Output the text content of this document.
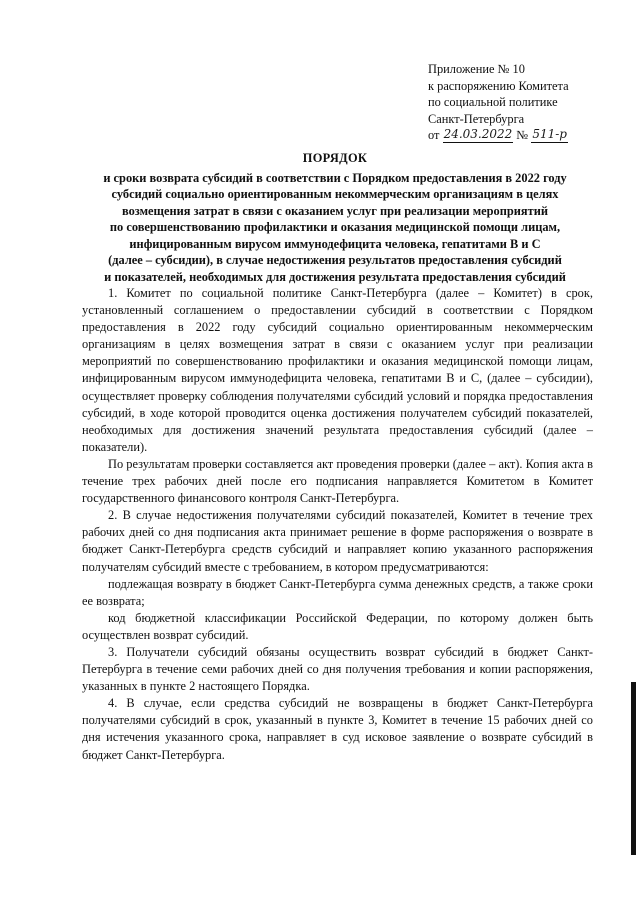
Приложение № 10
к распоряжению Комитета
по социальной политике
Санкт-Петербурга
от 24.03.2022 № 511-р
ПОРЯДОК
и сроки возврата субсидий в соответствии с Порядком предоставления в 2022 году
субсидий социально ориентированным некоммерческим организациям в целях
возмещения затрат в связи с оказанием услуг при реализации мероприятий
по совершенствованию профилактики и оказания медицинской помощи лицам,
инфицированным вирусом иммунодефицита человека, гепатитами В и С
(далее – субсидии), в случае недостижения результатов предоставления субсидий
и показателей, необходимых для достижения результата предоставления субсидий

1. Комитет по социальной политике Санкт-Петербурга (далее – Комитет) в срок, установленный соглашением о предоставлении субсидий в соответствии с Порядком предоставления в 2022 году субсидий социально ориентированным некоммерческим организациям в целях возмещения затрат в связи с оказанием услуг при реализации мероприятий по совершенствованию профилактики и оказания медицинской помощи лицам, инфицированным вирусом иммунодефицита человека, гепатитами В и С, (далее – субсидии), осуществляет проверку соблюдения получателями субсидий условий и порядка предоставления субсидий, в ходе которой проводится оценка достижения получателем субсидий показателей, необходимых для достижения значений результата предоставления субсидий (далее – показатели).

По результатам проверки составляется акт проведения проверки (далее – акт). Копия акта в течение трех рабочих дней после его подписания направляется Комитетом в Комитет государственного финансового контроля Санкт-Петербурга.

2. В случае недостижения получателями субсидий показателей, Комитет в течение трех рабочих дней со дня подписания акта принимает решение в форме распоряжения о возврате в бюджет Санкт-Петербурга средств субсидий и направляет копию указанного распоряжения получателям субсидий вместе с требованием, в котором предусматриваются:

подлежащая возврату в бюджет Санкт-Петербурга сумма денежных средств, а также сроки ее возврата;

код бюджетной классификации Российской Федерации, по которому должен быть осуществлен возврат субсидий.

3. Получатели субсидий обязаны осуществить возврат субсидий в бюджет Санкт-Петербурга в течение семи рабочих дней со дня получения требования и копии распоряжения, указанных в пункте 2 настоящего Порядка.

4. В случае, если средства субсидий не возвращены в бюджет Санкт-Петербурга получателями субсидий в срок, указанный в пункте 3, Комитет в течение 15 рабочих дней со дня истечения указанного срока, направляет в суд исковое заявление о возврате субсидий в бюджет Санкт-Петербурга.
